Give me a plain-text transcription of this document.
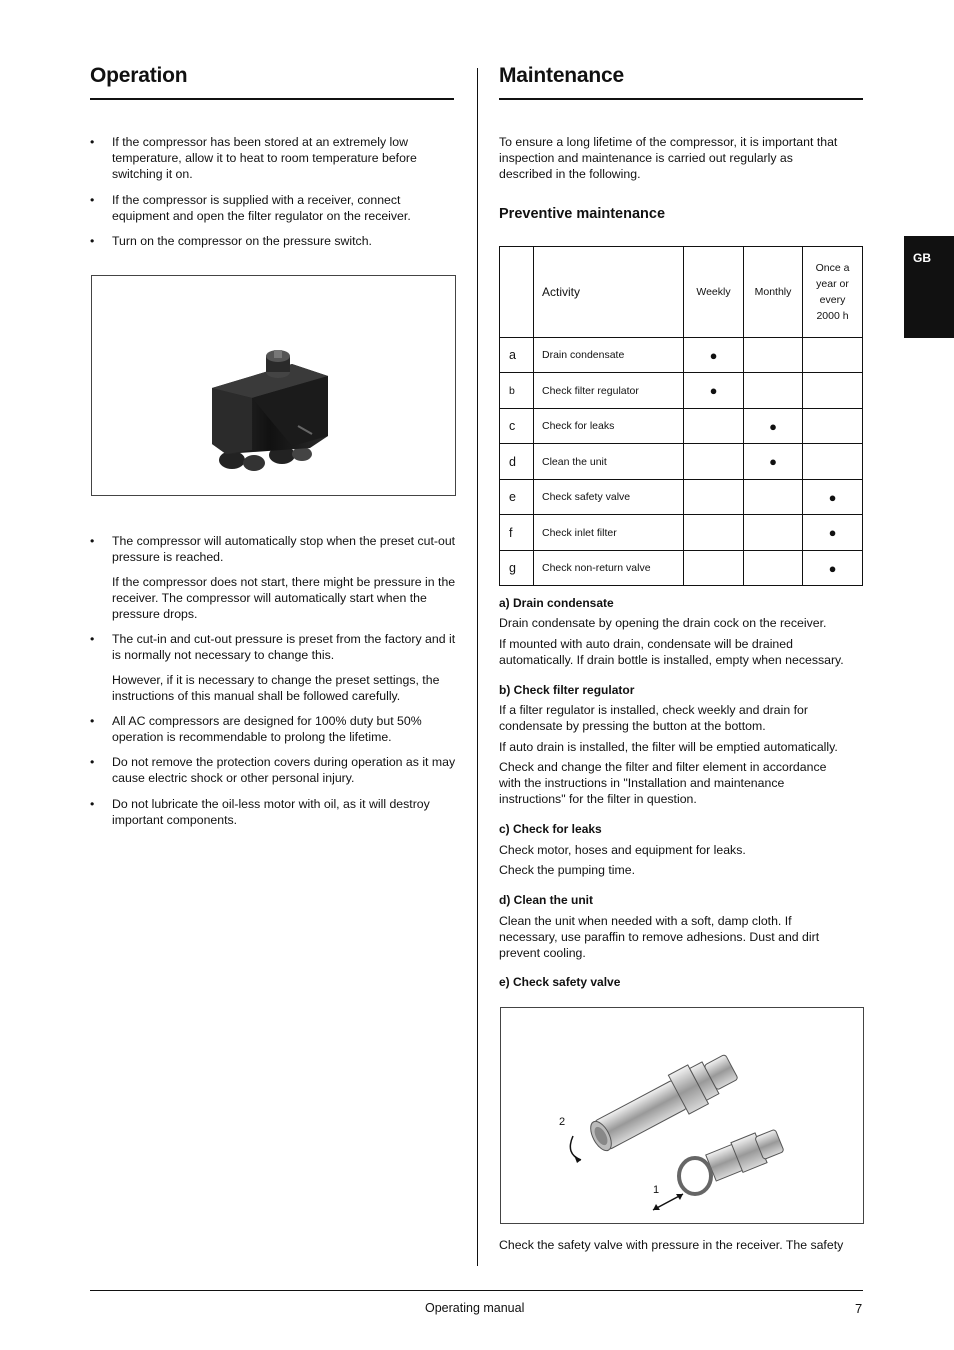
Operation
• If the compressor has been stored at an extremely low temperature, allow it to heat to room temperature before switching it on.
• If the compressor is supplied with a receiver, connect equipment and open the filter regulator on the receiver.
• Turn on the compressor on the pressure switch.
• The compressor will automatically stop when the preset cut-out pressure is reached.
If the compressor does not start, there might be pressure in the receiver. The compressor will automatically start when the pressure drops.
• The cut-in and cut-out pressure is preset from the factory and it is normally not necessary to change this.
However, if it is necessary to change the preset settings, the instructions of this manual shall be followed carefully.
• All AC compressors are designed for 100% duty but 50% operation is recommendable to prolong the lifetime.
• Do not remove the protection covers during operation as it may cause electric shock or other personal injury.
• Do not lubricate the oil-less motor with oil, as it will destroy important components.
Maintenance
To ensure a long lifetime of the compressor, it is important that inspection and maintenance is carried out regularly as described in the following.
Preventive maintenance
	Activity	Weekly	Monthly	Once a year or every 2000 h

a	Drain condensate	●		
b	Check filter regulator	●		
c	Check for leaks		●	
d	Clean the unit		●	
e	Check safety valve			●
f	Check inlet filter			●
g	Check non-return valve			●
a) Drain condensate
Drain condensate by opening the drain cock on the receiver.
If mounted with auto drain, condensate will be drained automatically. If drain bottle is installed, empty when necessary.
b) Check filter regulator
If a filter regulator is installed, check weekly and drain for condensate by pressing the button at the bottom.
If auto drain is installed, the filter will be emptied automatically.
Check and change the filter and filter element in accordance with the instructions in "Installation and maintenance instructions" for the filter in question.
c) Check for leaks
Check motor, hoses and equipment for leaks.
Check the pumping time.
d) Clean the unit
Clean the unit when needed with a soft, damp cloth. If necessary, use paraffin to remove adhesions. Dust and dirt prevent cooling.
e) Check safety valve
2
1
Check the safety valve with pressure in the receiver. The safety
GB
Operating manual	7
